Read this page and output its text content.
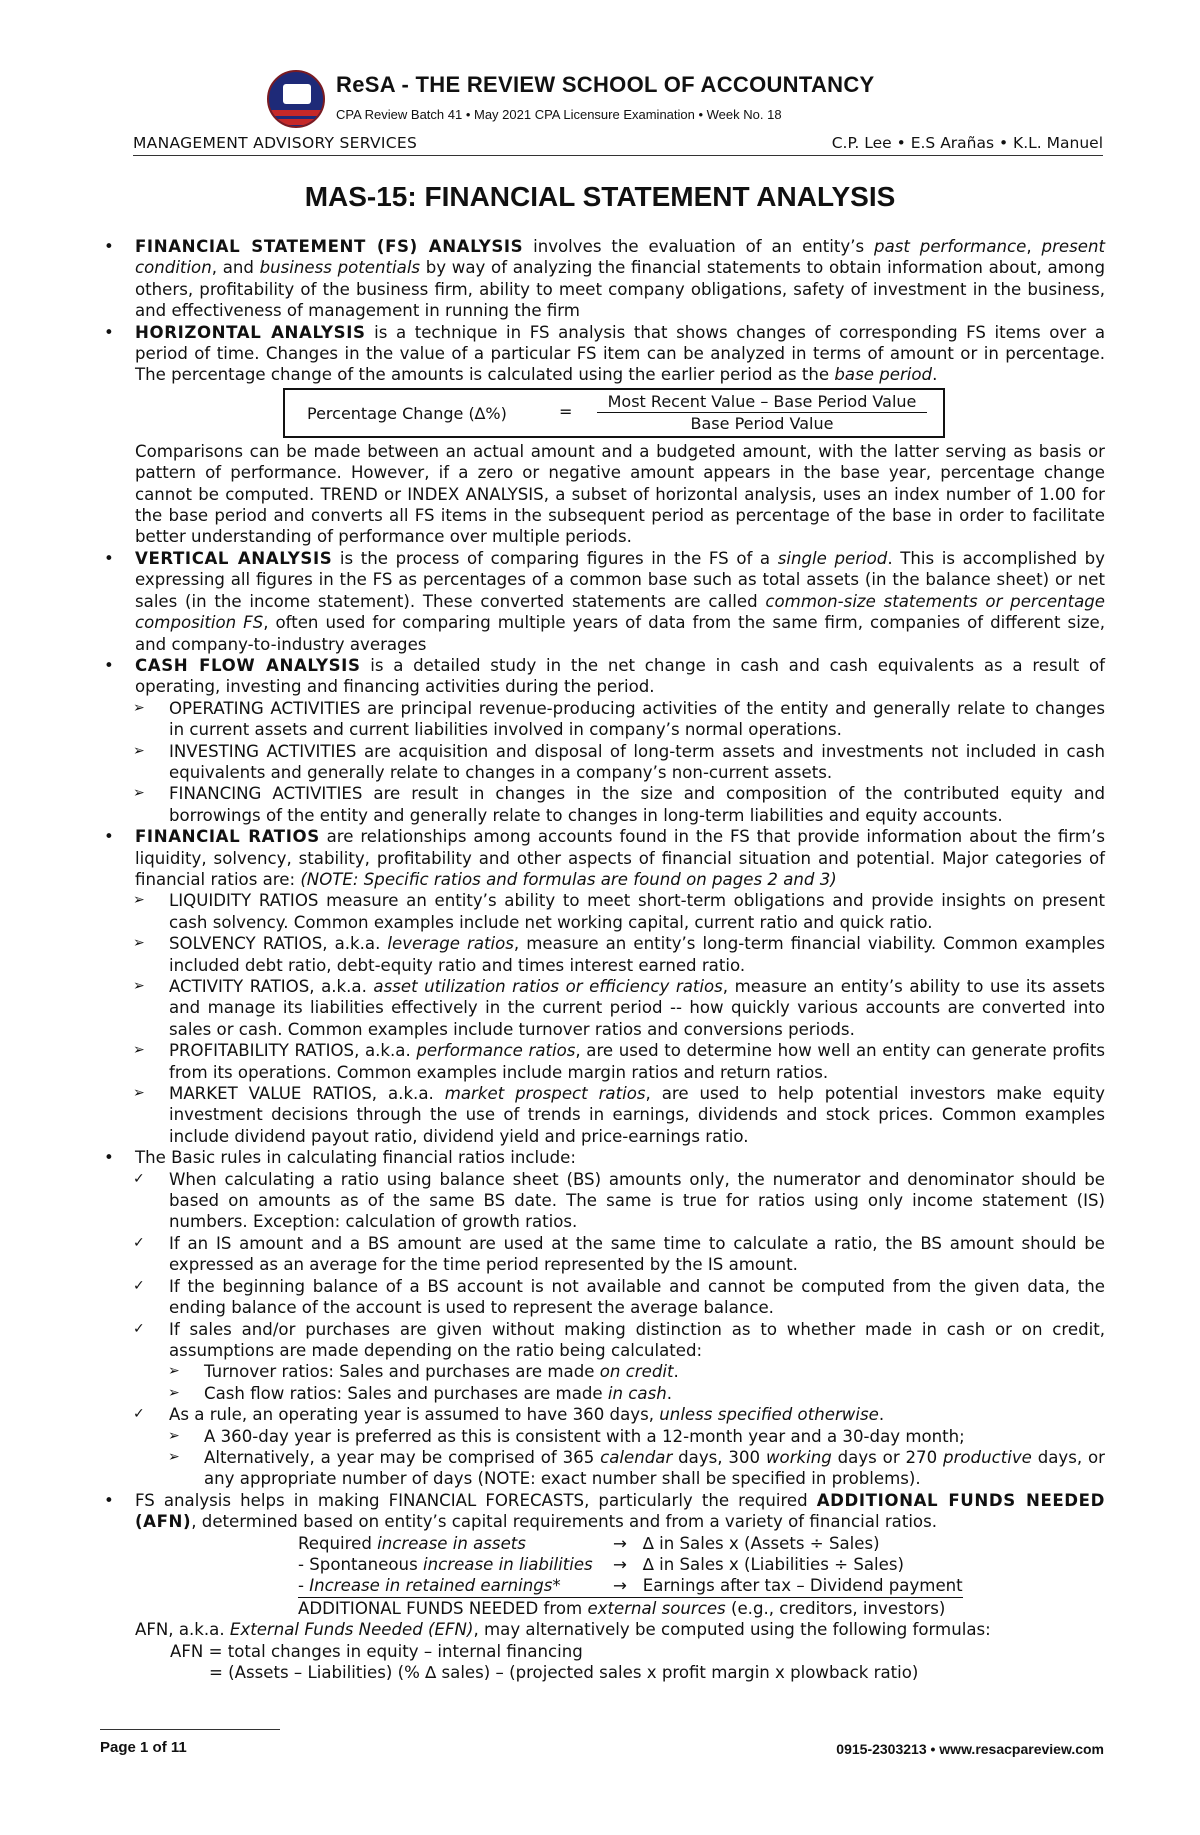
ReSA - THE REVIEW SCHOOL OF ACCOUNTANCY
CPA Review Batch 41 • May 2021 CPA Licensure Examination • Week No. 18
MANAGEMENT ADVISORY SERVICES	C.P. Lee • E.S Arañas • K.L. Manuel
MAS-15: FINANCIAL STATEMENT ANALYSIS
• FINANCIAL STATEMENT (FS) ANALYSIS involves the evaluation of an entity’s past performance, present condition, and business potentials by way of analyzing the financial statements to obtain information about, among others, profitability of the business firm, ability to meet company obligations, safety of investment in the business, and effectiveness of management in running the firm
• HORIZONTAL ANALYSIS is a technique in FS analysis that shows changes of corresponding FS items over a period of time. Changes in the value of a particular FS item can be analyzed in terms of amount or in percentage. The percentage change of the amounts is calculated using the earlier period as the base period.
Percentage Change (∆%)	=
Most Recent Value – Base Period Value
Base Period Value
Comparisons can be made between an actual amount and a budgeted amount, with the latter serving as basis or pattern of performance. However, if a zero or negative amount appears in the base year, percentage change cannot be computed. TREND or INDEX ANALYSIS, a subset of horizontal analysis, uses an index number of 1.00 for the base period and converts all FS items in the subsequent period as percentage of the base in order to facilitate better understanding of performance over multiple periods.
• VERTICAL ANALYSIS is the process of comparing figures in the FS of a single period. This is accomplished by expressing all figures in the FS as percentages of a common base such as total assets (in the balance sheet) or net sales (in the income statement). These converted statements are called common-size statements or percentage composition FS, often used for comparing multiple years of data from the same firm, companies of different size, and company-to-industry averages
• CASH FLOW ANALYSIS is a detailed study in the net change in cash and cash equivalents as a result of operating, investing and financing activities during the period.
➢ OPERATING ACTIVITIES are principal revenue-producing activities of the entity and generally relate to changes in current assets and current liabilities involved in company’s normal operations.
➢ INVESTING ACTIVITIES are acquisition and disposal of long-term assets and investments not included in cash equivalents and generally relate to changes in a company’s non-current assets.
➢ FINANCING ACTIVITIES are result in changes in the size and composition of the contributed equity and borrowings of the entity and generally relate to changes in long-term liabilities and equity accounts.
• FINANCIAL RATIOS are relationships among accounts found in the FS that provide information about the firm’s liquidity, solvency, stability, profitability and other aspects of financial situation and potential. Major categories of financial ratios are: (NOTE: Specific ratios and formulas are found on pages 2 and 3)
➢ LIQUIDITY RATIOS measure an entity’s ability to meet short-term obligations and provide insights on present cash solvency. Common examples include net working capital, current ratio and quick ratio.
➢ SOLVENCY RATIOS, a.k.a. leverage ratios, measure an entity’s long-term financial viability. Common examples included debt ratio, debt-equity ratio and times interest earned ratio.
➢ ACTIVITY RATIOS, a.k.a. asset utilization ratios or efficiency ratios, measure an entity’s ability to use its assets and manage its liabilities effectively in the current period -- how quickly various accounts are converted into sales or cash. Common examples include turnover ratios and conversions periods.
➢ PROFITABILITY RATIOS, a.k.a. performance ratios, are used to determine how well an entity can generate profits from its operations. Common examples include margin ratios and return ratios.
➢ MARKET VALUE RATIOS, a.k.a. market prospect ratios, are used to help potential investors make equity investment decisions through the use of trends in earnings, dividends and stock prices. Common examples include dividend payout ratio, dividend yield and price-earnings ratio.
• The Basic rules in calculating financial ratios include:
✓ When calculating a ratio using balance sheet (BS) amounts only, the numerator and denominator should be based on amounts as of the same BS date. The same is true for ratios using only income statement (IS) numbers. Exception: calculation of growth ratios.
✓ If an IS amount and a BS amount are used at the same time to calculate a ratio, the BS amount should be expressed as an average for the time period represented by the IS amount.
✓ If the beginning balance of a BS account is not available and cannot be computed from the given data, the ending balance of the account is used to represent the average balance.
✓ If sales and/or purchases are given without making distinction as to whether made in cash or on credit, assumptions are made depending on the ratio being calculated:
➢ Turnover ratios: Sales and purchases are made on credit.
➢ Cash flow ratios: Sales and purchases are made in cash.
✓ As a rule, an operating year is assumed to have 360 days, unless specified otherwise.
➢ A 360-day year is preferred as this is consistent with a 12-month year and a 30-day month;
➢ Alternatively, a year may be comprised of 365 calendar days, 300 working days or 270 productive days, or any appropriate number of days (NOTE: exact number shall be specified in problems).
• FS analysis helps in making FINANCIAL FORECASTS, particularly the required ADDITIONAL FUNDS NEEDED (AFN), determined based on entity’s capital requirements and from a variety of financial ratios.
Required increase in assets	→ ∆ in Sales x (Assets ÷ Sales)
- Spontaneous increase in liabilities	→ ∆ in Sales x (Liabilities ÷ Sales)
- Increase in retained earnings*	→ Earnings after tax – Dividend payment
ADDITIONAL FUNDS NEEDED from external sources (e.g., creditors, investors)
AFN, a.k.a. External Funds Needed (EFN), may alternatively be computed using the following formulas:
AFN = total changes in equity – internal financing
= (Assets – Liabilities) (% ∆ sales) – (projected sales x profit margin x plowback ratio)
Page 1 of 11	0915-2303213 • www.resacpareview.com
